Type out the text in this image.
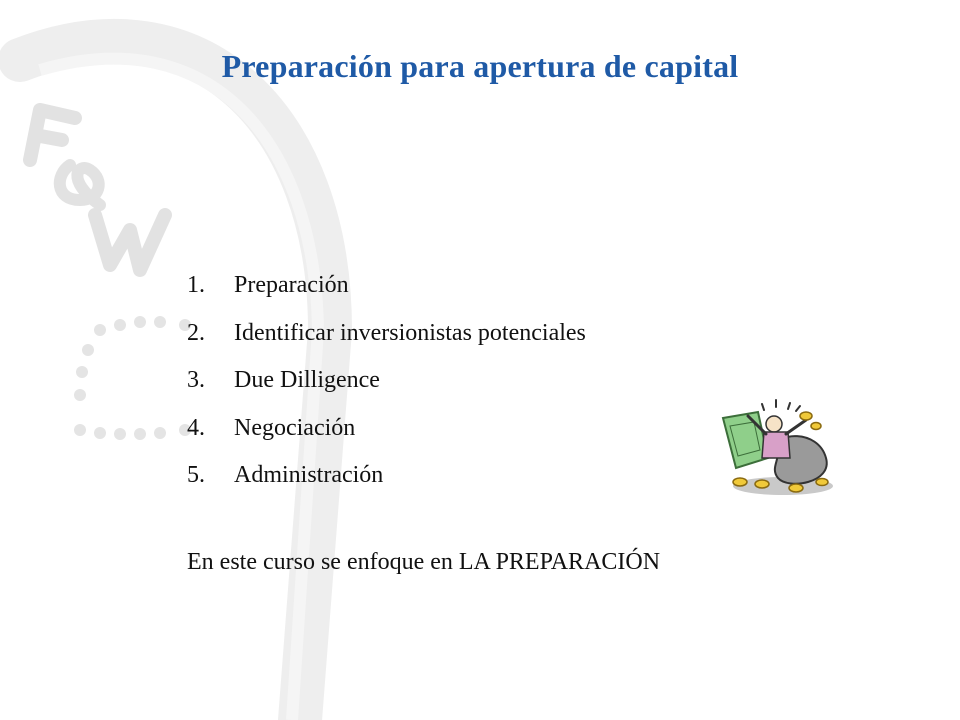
Preparación para apertura de capital
1.	Preparación
2.	Identificar inversionistas potenciales
3.	Due Dilligence
4.	Negociación
5.	Administración
En este curso se enfoque en LA PREPARACIÓN
